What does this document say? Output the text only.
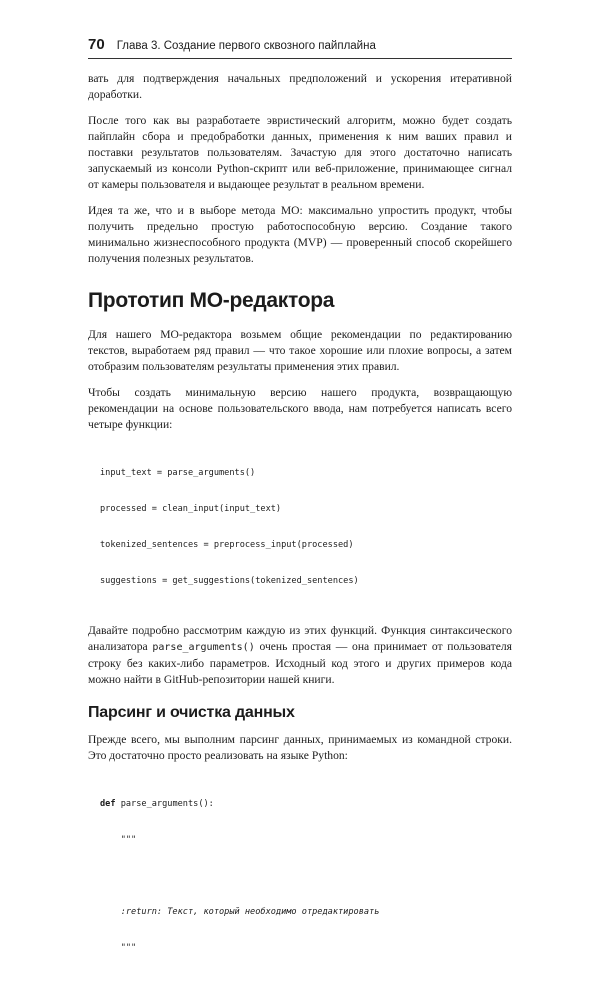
70 Глава 3. Создание первого сквозного пайплайна

вать для подтверждения начальных предположений и ускорения итеративной доработки.

После того как вы разработаете эвристический алгоритм, можно будет создать пайплайн сбора и предобработки данных, применения к ним ваших правил и поставки результатов пользователям. Зачастую для этого достаточно написать запускаемый из консоли Python-скрипт или веб-приложение, принимающее сигнал от камеры пользователя и выдающее результат в реальном времени.

Идея та же, что и в выборе метода МО: максимально упростить продукт, чтобы получить предельно простую работоспособную версию. Создание такого минимально жизнеспособного продукта (MVP) — проверенный способ скорейшего получения полезных результатов.

Прототип МО-редактора

Для нашего МО-редактора возьмем общие рекомендации по редактированию текстов, выработаем ряд правил — что такое хорошие или плохие вопросы, а затем отобразим пользователям результаты применения этих правил.

Чтобы создать минимальную версию нашего продукта, возвращающую рекомендации на основе пользовательского ввода, нам потребуется написать всего четыре функции:

input_text = parse_arguments()

processed = clean_input(input_text)

tokenized_sentences = preprocess_input(processed)

suggestions = get_suggestions(tokenized_sentences)

Давайте подробно рассмотрим каждую из этих функций. Функция синтаксического анализатора parse_arguments() очень простая — она принимает от пользователя строку без каких-либо параметров. Исходный код этого и других примеров кода можно найти в GitHub-репозитории нашей книги.

Парсинг и очистка данных

Прежде всего, мы выполним парсинг данных, принимаемых из командной строки. Это достаточно просто реализовать на языке Python:

def parse_arguments():

"""

:return: Текст, который необходимо отредактировать

"""
